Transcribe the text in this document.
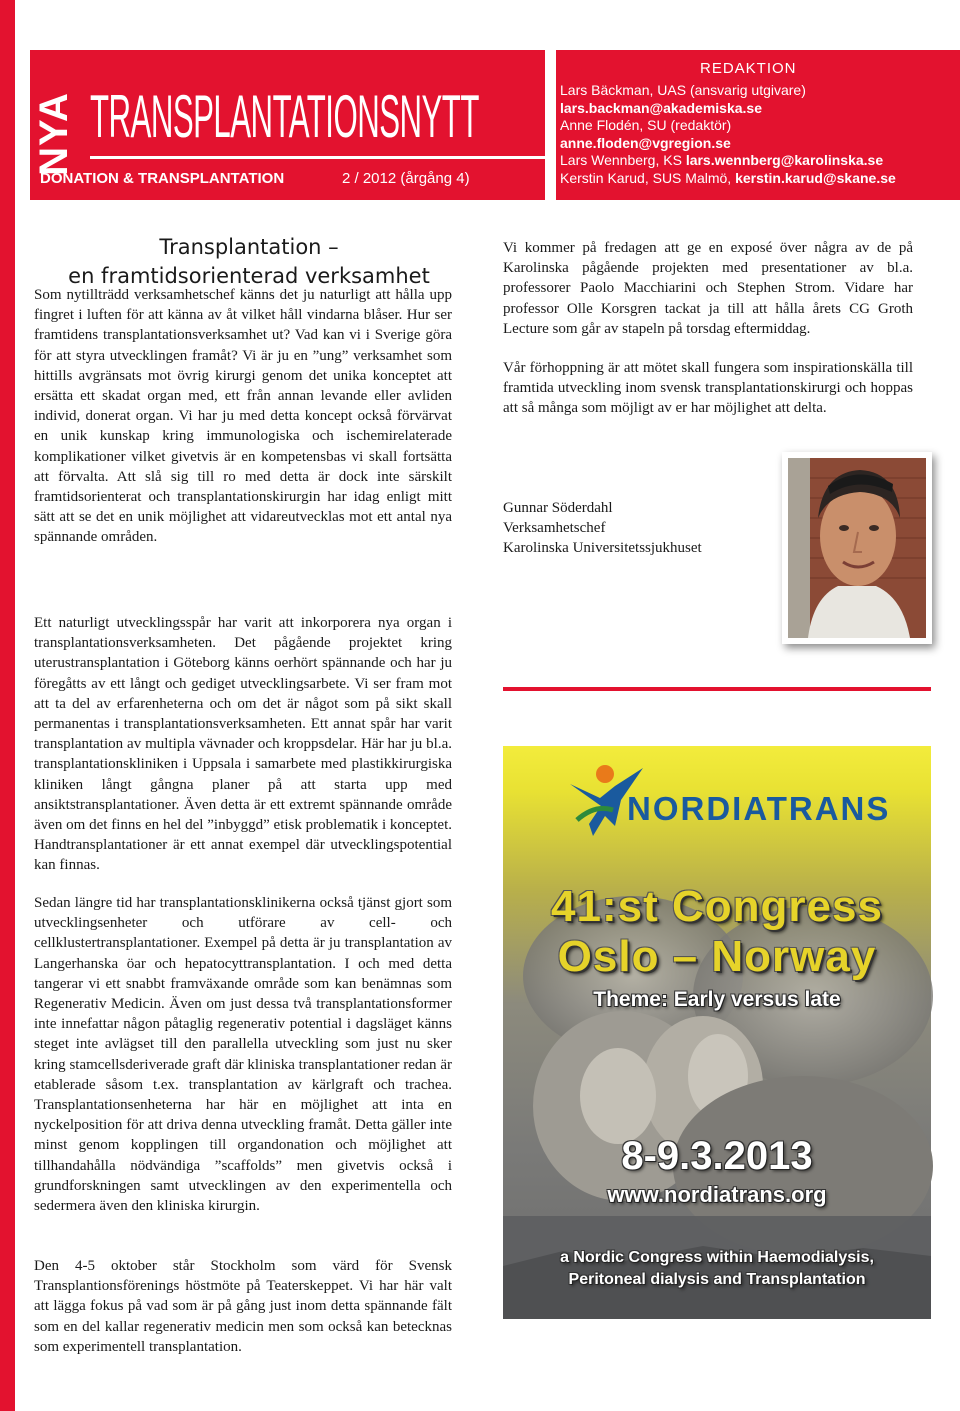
NYA TRANSPLANTATIONSNYTT
DONATION & TRANSPLANTATION	2 / 2012 (årgång 4)
REDAKTION
Lars Bäckman, UAS (ansvarig utgivare)
lars.backman@akademiska.se
Anne Flodén, SU (redaktör)
anne.floden@vgregion.se
Lars Wennberg, KS lars.wennberg@karolinska.se
Kerstin Karud, SUS Malmö, kerstin.karud@skane.se
Transplantation –
en framtidsorienterad verksamhet

Som nytillträdd verksamhetschef känns det ju naturligt att hålla upp fingret i luften för att känna av åt vilket håll vindarna blåser. Hur ser framtidens transplantationsverksamhet ut? Vad kan vi i Sverige göra för att styra utvecklingen framåt? Vi är ju en ”ung” verksamhet som hittills avgränsats mot övrig kirurgi genom det unika konceptet att ersätta ett skadat organ med, ett från annan levande eller avliden individ, donerat organ. Vi har ju med detta koncept också förvärvat en unik kunskap kring immunologiska och ischemirelaterade komplikationer vilket givetvis är en kompetensbas vi skall fortsätta att förvalta. Att slå sig till ro med detta är dock inte särskilt framtidsorienterat och transplantationskirurgin har idag enligt mitt sätt att se det en unik möjlighet att vidareutvecklas mot ett antal nya spännande områden.

Ett naturligt utvecklingsspår har varit att inkorporera nya organ i transplantationsverksamheten. Det pågående projektet kring uterustransplantation i Göteborg känns oerhört spännande och har ju föregåtts av ett långt och gediget utvecklingsarbete. Vi ser fram mot att ta del av erfarenheterna och om det är något som på sikt skall permanentas i transplantationsverksamheten. Ett annat spår har varit transplantation av multipla vävnader och kroppsdelar. Här har ju bl.a. transplantationskliniken i Uppsala i samarbete med plastikkirurgiska kliniken långt gångna planer på att starta upp med ansiktstransplantationer. Även detta är ett extremt spännande område även om det finns en hel del ”inbyggd” etisk problematik i konceptet. Handtransplantationer är ett annat exempel där utvecklingspotential kan finnas.

Sedan längre tid har transplantationsklinikerna också tjänst gjort som utvecklingsenheter och utförare av cell- och cellklustertransplantationer. Exempel på detta är ju transplantation av Langerhanska öar och hepatocyttransplantation. I och med detta tangerar vi ett snabbt framväxande område som kan benämnas som Regenerativ Medicin. Även om just dessa två transplantationsformer inte innefattar någon påtaglig regenerativ potential i dagsläget känns steget inte avlägset till den parallella utveckling som just nu sker kring stamcellsderiverade graft där kliniska transplantationer redan är etablerade såsom t.ex. transplantation av kärlgraft och trachea. Transplantationsenheterna har här en möjlighet att inta en nyckelposition för att driva denna utveckling framåt. Detta gäller inte minst genom kopplingen till organdonation och möjlighet att tillhandahålla nödvändiga ”scaffolds” men givetvis också i grundforskningen samt utvecklingen av den experimentella och sedermera även den kliniska kirurgin.

Den 4-5 oktober står Stockholm som värd för Svensk Transplantionsförenings höstmöte på Teaterskeppet. Vi har här valt att lägga fokus på vad som är på gång just inom detta spännande fält som en del kallar regenerativ medicin men som också kan betecknas som experimentell transplantation.

Vi kommer på fredagen att ge en exposé över några av de på Karolinska pågående projekten med presentationer av bl.a. professorer Paolo Macchiarini och Stephen Strom. Vidare har professor Olle Korsgren tackat ja till att hålla årets CG Groth Lecture som går av stapeln på torsdag eftermiddag.

Vår förhoppning är att mötet skall fungera som inspirationskälla till framtida utveckling inom svensk transplantationskirurgi och hoppas att så många som möjligt av er har möjlighet att delta.

Gunnar Söderdahl
Verksamhetschef
Karolinska Universitetssjukhuset
NORDIATRANS
41:st Congress
Oslo – Norway
Theme: Early versus late
8-9.3.2013
www.nordiatrans.org
a Nordic Congress within Haemodialysis,
Peritoneal dialysis and Transplantation
